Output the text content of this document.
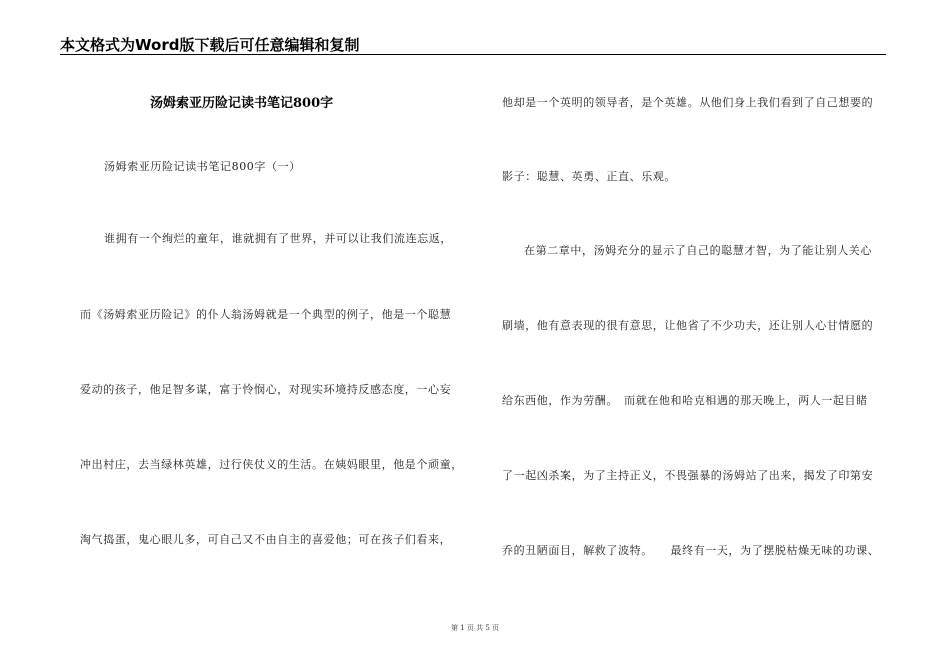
本文格式为Word版下载后可任意编辑和复制
汤姆索亚历险记读书笔记800字
汤姆索亚历险记读书笔记800字（一）
谁拥有一个绚烂的童年，谁就拥有了世界，并可以让我们流连忘返，
而《汤姆索亚历险记》的仆人翁汤姆就是一个典型的例子，他是一个聪慧
爱动的孩子，他足智多谋，富于怜悯心，对现实环境持反感态度，一心妄
冲出村庄，去当绿林英雄，过行侠仗义的生活。在姨妈眼里，他是个顽童，
淘气捣蛋，鬼心眼儿多，可自己又不由自主的喜爱他；可在孩子们看来，
他却是一个英明的领导者，是个英雄。从他们身上我们看到了自己想要的
影子：聪慧、英勇、正直、乐观。
在第二章中，汤姆充分的显示了自己的聪慧才智，为了能让别人关心
刷墙，他有意表现的很有意思，让他省了不少功夫，还让别人心甘情愿的
给东西他，作为劳酬。　而就在他和哈克相遇的那天晚上，两人一起目睹
了一起凶杀案，为了主持正义，不畏强暴的汤姆站了出来，揭发了印第安
乔的丑陋面目，解救了波特。　　最终有一天，为了摆脱枯燥无味的功课、
第 1 页 共 5 页
